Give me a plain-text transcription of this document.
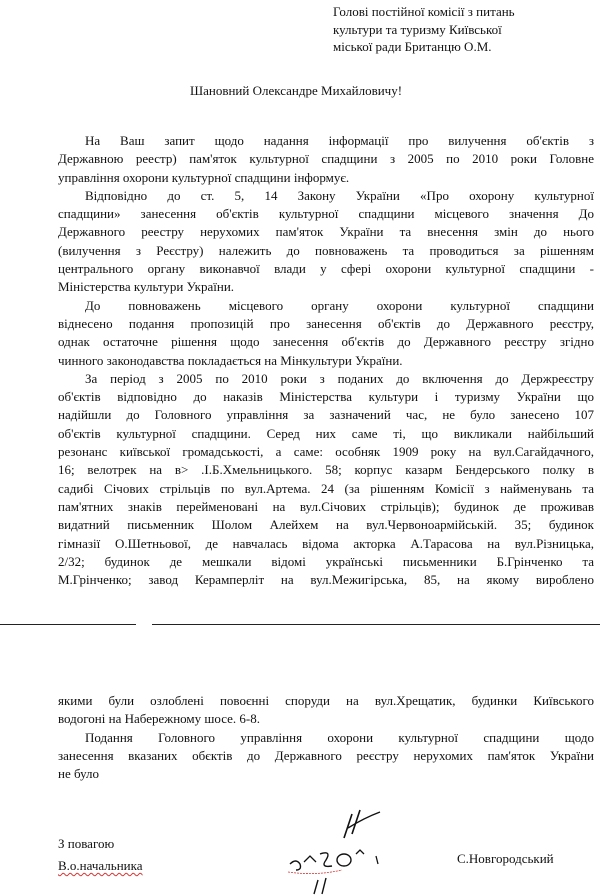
Голові постійної комісії з питань
культури та туризму Київської
міської ради Британцю О.М.
Шановний Олександре Михайловичу!
На Ваш запит щодо надання інформації про вилучення об'єктів з
Державною реестр) пам'яток культурної спадщини з 2005 по 2010 роки Головне
управління охорони культурної спадщини інформує.
Відповідно до ст. 5, 14 Закону України «Про охорону культурної
спадщини» занесення об'єктів культурної спадщини місцевого значення До
Державного реестру нерухомих пам'яток України та внесення змін до нього
(вилучення з Реєстру) належить до повноважень та проводиться за рішенням
центрального органу виконавчої влади у сфері охорони культурної спадщини -
Міністерства культури України.
До повноважень місцевого органу охорони культурної спадщини
віднесено подання пропозицій про занесення об'єктів до Державного реєстру,
однак остаточне рішення щодо занесення об'єктів до Державного реєстру згідно
чинного законодавства покладається на Мінкультури України.
За період з 2005 по 2010 роки з поданих до включення до Держреєстру
об'єктів відповідно до наказів Міністерства культури і туризму України що
надійшли до Головного управління за зазначений час, не було занесено 107
об'єктів культурної спадщини. Серед них саме ті, що викликали найбільший
резонанс київської громадськості, а саме: особняк 1909 року на вул.Сагайдачного,
16; велотрек на в> .І.Б.Хмельницького. 58; корпус казарм Бендерського полку в
садибі Січових стрільців по вул.Артема. 24 (за рішенням Комісії з найменувань та
пам'ятних знаків перейменовані на вул.Січових стрільців); будинок де проживав
видатний письменник Шолом Алейхем на вул.Червоноармійській. 35; будинок
гімназії О.Шетньової, де навчалась відома акторка А.Тарасова на вул.Різницька,
2/32; будинок де мешкали відомі українські письменники Б.Грінченко та
М.Грінченко; завод Керамперліт на вул.Межигірська, 85, на якому вироблено
якими були озлоблені повоєнні споруди на вул.Хрещатик, будинки Київського
водогоні на Набережному шосе. 6-8.
Подання Головного управління охорони культурної спадщини щодо
занесення вказаних обєктів до Державного реєстру нерухомих пам'яток України
не було
З повагою
В.о.начальника	С.Новгородський
